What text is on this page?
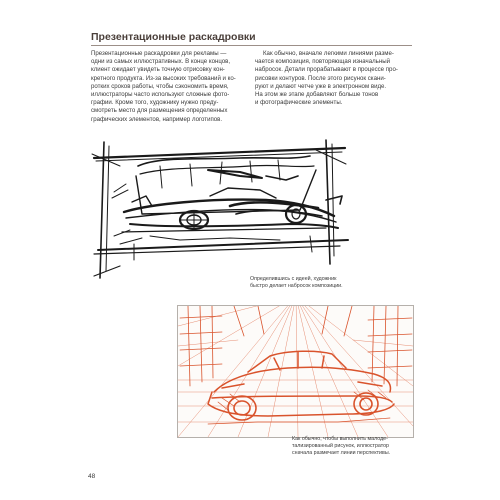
Презентационные раскадровки
Презентационные раскадровки для рекламы —
одни из самых иллюстративных. В конце концов,
клиент ожидает увидеть точную отрисовку кон-
кретного продукта. Из-за высоких требований и ко-
ротких сроков работы, чтобы сэкономить время,
иллюстраторы часто используют сложные фото-
графии. Кроме того, художнику нужно преду-
смотреть место для размещения определенных
графических элементов, например логотипов.
Как обычно, вначале легкими линиями размe-
чается композиция, повторяющая изначальный
набросок. Детали прорабатывают в процессе про-
рисовки контуров. После этого рисунок скани-
руют и делают четче уже в электронном виде.
На этом же этапе добавляют больше тонов
и фотографические элементы.
Определившись с идеей, художник
быстро делает набросок композиции.
Как обычно, чтобы выполнить малоде-
тализированный рисунок, иллюстратор
сначала размечает линии перспективы.
48
